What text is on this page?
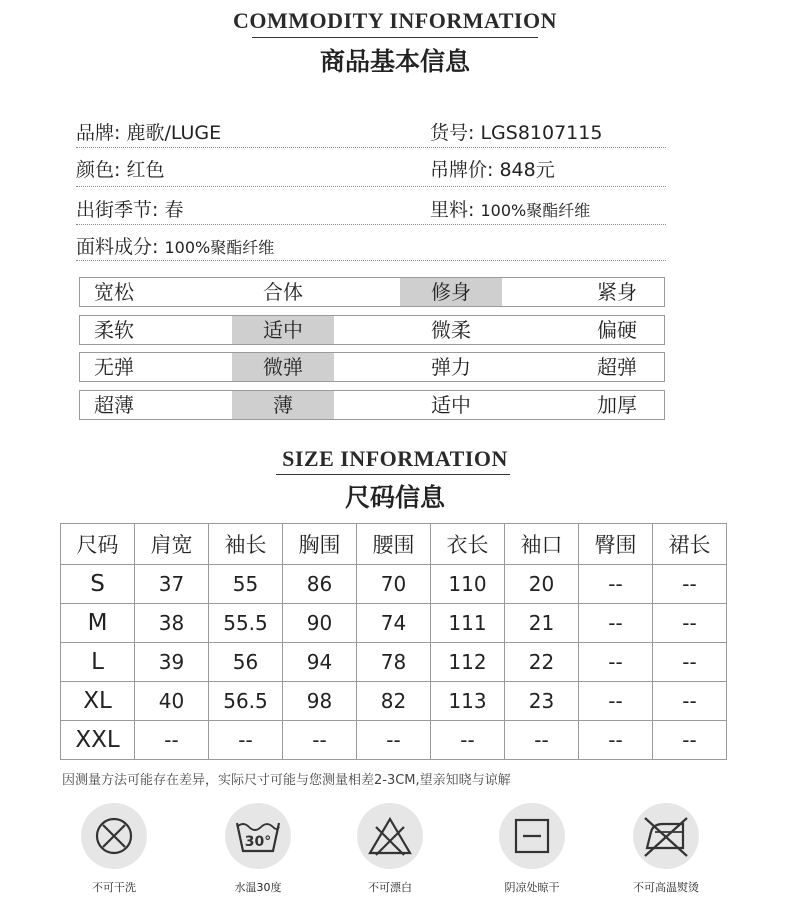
COMMODITY INFORMATION
商品基本信息
品牌: 鹿歌/LUGE	货号: LGS8107115
颜色: 红色	吊牌价: 848元
出街季节: 春	里料: 100%聚酯纤维
面料成分: 100%聚酯纤维
宽松	合体	修身	紧身
柔软	适中	微柔	偏硬
无弹	微弹	弹力	超弹
超薄	薄	适中	加厚
SIZE INFORMATION
尺码信息
尺码	肩宽	袖长	胸围	腰围	衣长	袖口	臀围	裙长
S	37	55	86	70	110	20	--	--
M	38	55.5	90	74	111	21	--	--
L	39	56	94	78	112	22	--	--
XL	40	56.5	98	82	113	23	--	--
XXL	--	--	--	--	--	--	--	--
因测量方法可能存在差异，实际尺寸可能与您测量相差2-3CM,望亲知晓与谅解
不可干洗
30°
水温30度	不可漂白	阴凉处晾干	不可高温熨烫
